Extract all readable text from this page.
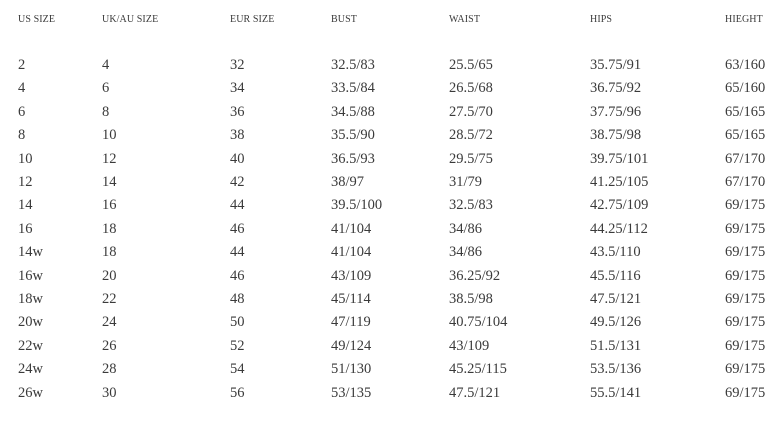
US SIZE	UK/AU SIZE	EUR SIZE	BUST	WAIST	HIPS	HIEGHT
2	4	32	32.5/83	25.5/65	35.75/91	63/160
4	6	34	33.5/84	26.5/68	36.75/92	65/160
6	8	36	34.5/88	27.5/70	37.75/96	65/165
8	10	38	35.5/90	28.5/72	38.75/98	65/165
10	12	40	36.5/93	29.5/75	39.75/101	67/170
12	14	42	38/97	31/79	41.25/105	67/170
14	16	44	39.5/100	32.5/83	42.75/109	69/175
16	18	46	41/104	34/86	44.25/112	69/175
14w	18	44	41/104	34/86	43.5/110	69/175
16w	20	46	43/109	36.25/92	45.5/116	69/175
18w	22	48	45/114	38.5/98	47.5/121	69/175
20w	24	50	47/119	40.75/104	49.5/126	69/175
22w	26	52	49/124	43/109	51.5/131	69/175
24w	28	54	51/130	45.25/115	53.5/136	69/175
26w	30	56	53/135	47.5/121	55.5/141	69/175
